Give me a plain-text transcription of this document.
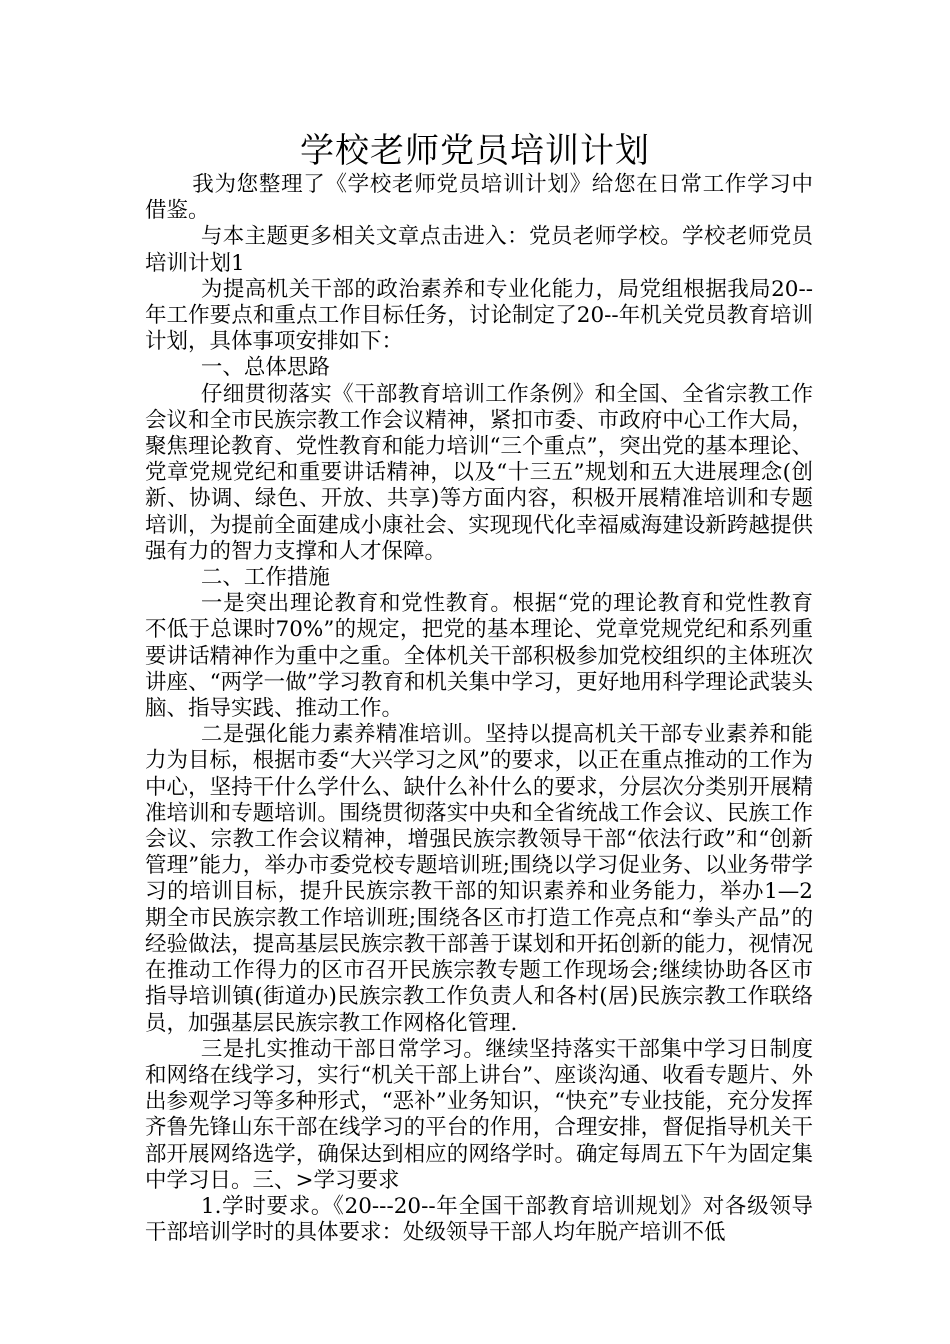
学校老师党员培训计划

我为您整理了《学校老师党员培训计划》给您在日常工作学习中借鉴。

与本主题更多相关文章点击进入：党员老师学校。学校老师党员培训计划1

为提高机关干部的政治素养和专业化能力，局党组根据我局20--年工作要点和重点工作目标任务，讨论制定了20--年机关党员教育培训计划，具体事项安排如下：

一、总体思路

仔细贯彻落实《干部教育培训工作条例》和全国、全省宗教工作会议和全市民族宗教工作会议精神，紧扣市委、市政府中心工作大局，聚焦理论教育、党性教育和能力培训“三个重点”，突出党的基本理论、党章党规党纪和重要讲话精神，以及“十三五”规划和五大进展理念(创新、协调、绿色、开放、共享)等方面内容，积极开展精准培训和专题培训，为提前全面建成小康社会、实现现代化幸福威海建设新跨越提供强有力的智力支撑和人才保障。

二、工作措施

一是突出理论教育和党性教育。根据“党的理论教育和党性教育不低于总课时70%”的规定，把党的基本理论、党章党规党纪和系列重要讲话精神作为重中之重。全体机关干部积极参加党校组织的主体班次讲座、“两学一做”学习教育和机关集中学习，更好地用科学理论武装头脑、指导实践、推动工作。

二是强化能力素养精准培训。坚持以提高机关干部专业素养和能力为目标，根据市委“大兴学习之风”的要求，以正在重点推动的工作为中心，坚持干什么学什么、缺什么补什么的要求，分层次分类别开展精准培训和专题培训。围绕贯彻落实中央和全省统战工作会议、民族工作会议、宗教工作会议精神，增强民族宗教领导干部“依法行政”和“创新管理”能力，举办市委党校专题培训班;围绕以学习促业务、以业务带学习的培训目标，提升民族宗教干部的知识素养和业务能力，举办1—2期全市民族宗教工作培训班;围绕各区市打造工作亮点和“拳头产品”的经验做法，提高基层民族宗教干部善于谋划和开拓创新的能力，视情况在推动工作得力的区市召开民族宗教专题工作现场会;继续协助各区市指导培训镇(街道办)民族宗教工作负责人和各村(居)民族宗教工作联络员，加强基层民族宗教工作网格化管理.

三是扎实推动干部日常学习。继续坚持落实干部集中学习日制度和网络在线学习，实行“机关干部上讲台”、座谈沟通、收看专题片、外出参观学习等多种形式，“恶补”业务知识，“快充”专业技能，充分发挥齐鲁先锋山东干部在线学习的平台的作用，合理安排，督促指导机关干部开展网络选学，确保达到相应的网络学时。确定每周五下午为固定集中学习日。三、>学习要求

1.学时要求。《20---20--年全国干部教育培训规划》对各级领导干部培训学时的具体要求：处级领导干部人均年脱产培训不低
